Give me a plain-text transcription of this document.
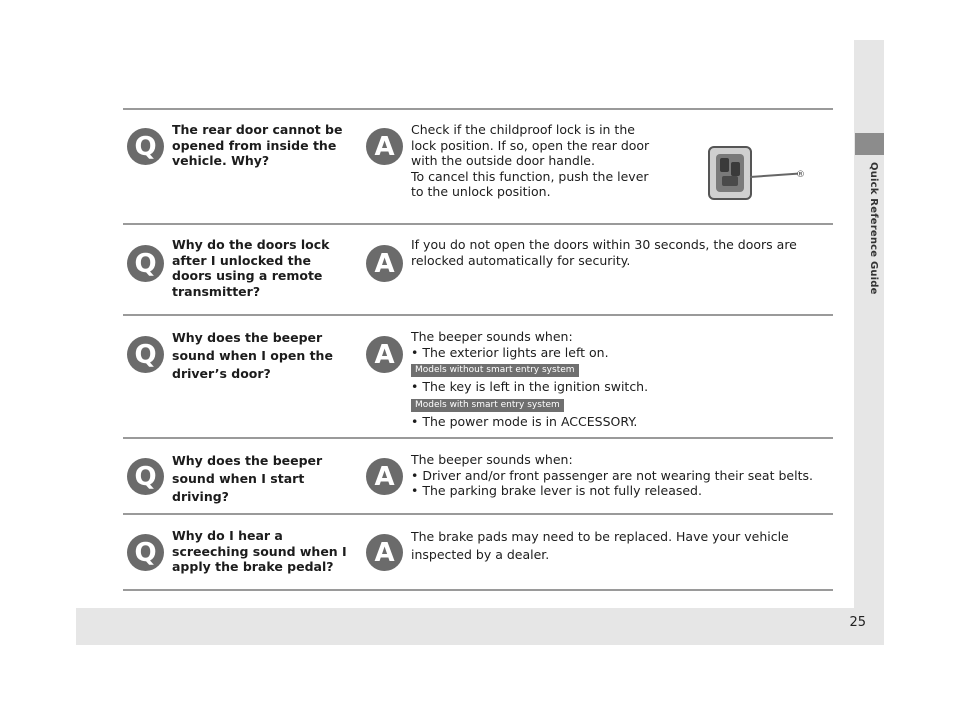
Quick Reference Guide
25
Q
The rear door cannot be opened from inside the vehicle. Why?	A

Check if the childproof lock is in the

lock position. If so, open the rear door

with the outside door handle.

To cancel this function, push the lever

to the unlock position.

®
Q
Why do the doors lock after I unlocked the doors using a remote transmitter?
A

If you do not open the doors within 30 seconds, the doors are

relocked automatically for security.

Q
Why does the beeper sound when I open the driver’s door?
A

The beeper sounds when:

• The exterior lights are left on.

Models without smart entry system

• The key is left in the ignition switch.

Models with smart entry system

• The power mode is in ACCESSORY.

Q
Why does the beeper sound when I start driving?
A

The beeper sounds when:

• Driver and/or front passenger are not wearing their seat belts.

• The parking brake lever is not fully released.

Q
Why do I hear a screeching sound when I apply the brake pedal?	A

The brake pads may need to be replaced. Have your vehicle

inspected by a dealer.
